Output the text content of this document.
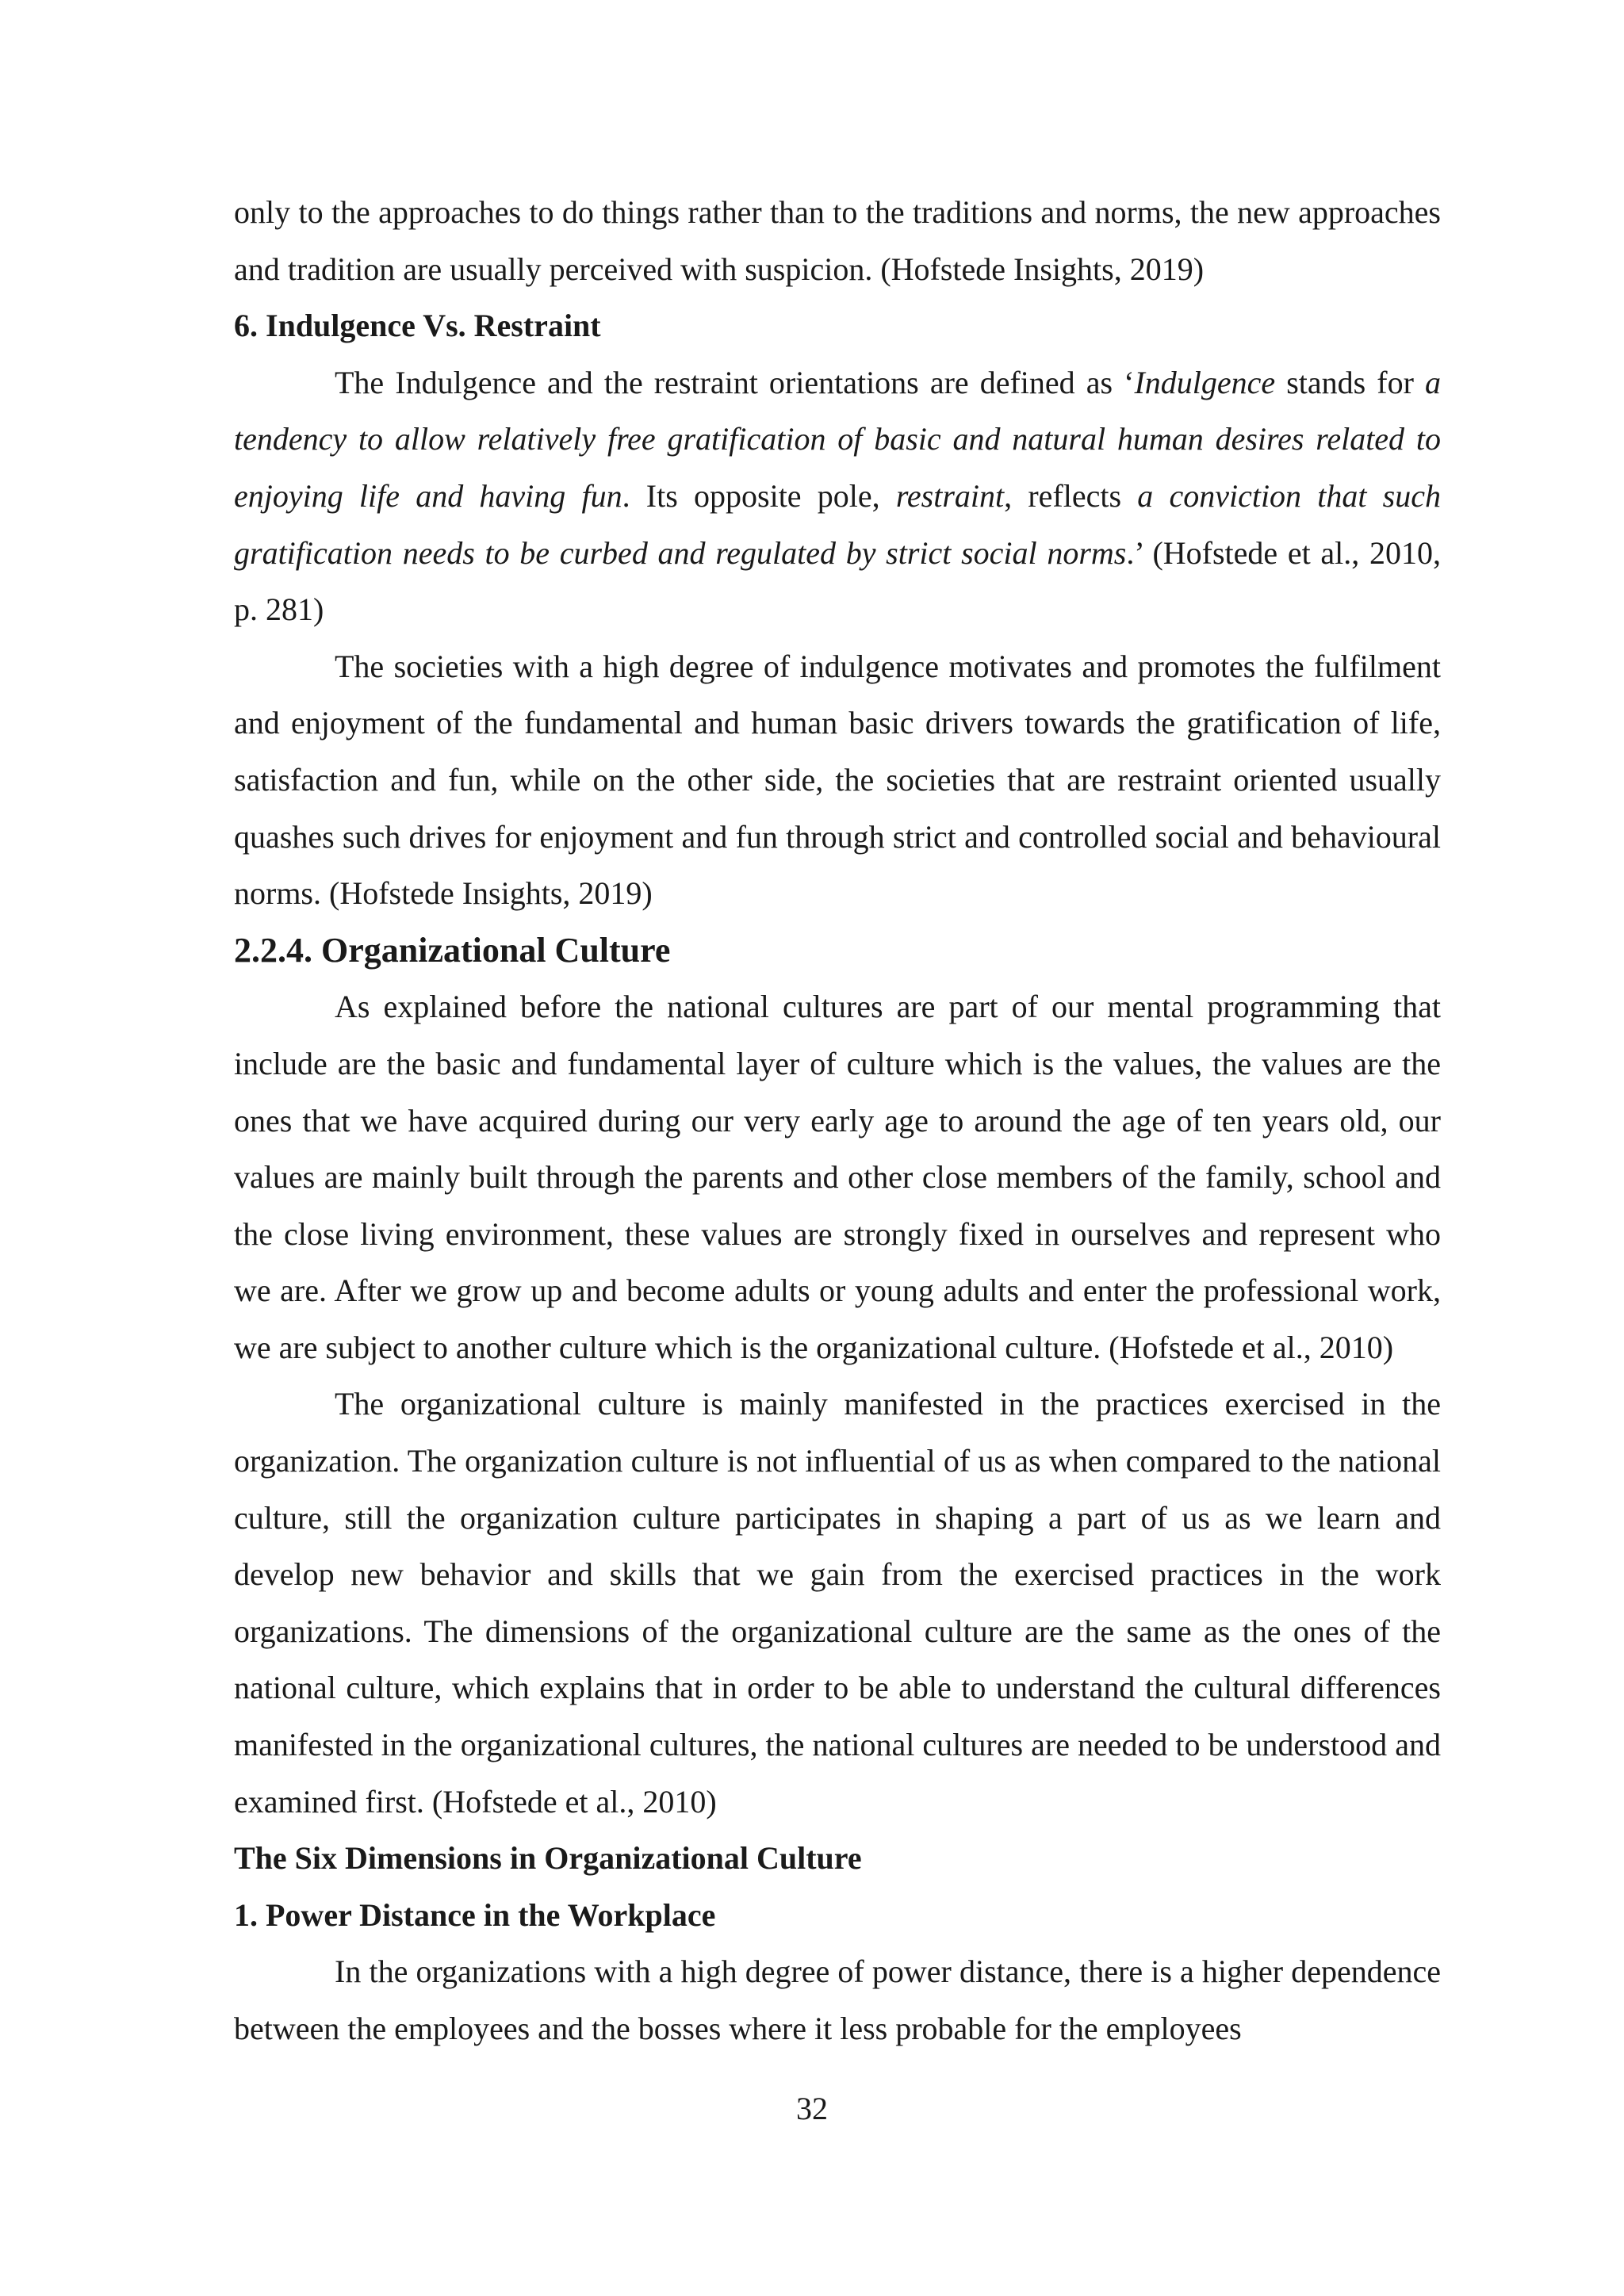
only to the approaches to do things rather than to the traditions and norms, the new approaches and tradition are usually perceived with suspicion. (Hofstede Insights, 2019)

6. Indulgence Vs. Restraint

The Indulgence and the restraint orientations are defined as ‘Indulgence stands for a tendency to allow relatively free gratification of basic and natural human desires related to enjoying life and having fun. Its opposite pole, restraint, reflects a conviction that such gratification needs to be curbed and regulated by strict social norms.’ (Hofstede et al., 2010, p. 281)

The societies with a high degree of indulgence motivates and promotes the fulfilment and enjoyment of the fundamental and human basic drivers towards the gratification of life, satisfaction and fun, while on the other side, the societies that are restraint oriented usually quashes such drives for enjoyment and fun through strict and controlled social and behavioural norms. (Hofstede Insights, 2019)

2.2.4. Organizational Culture

As explained before the national cultures are part of our mental programming that include are the basic and fundamental layer of culture which is the values, the values are the ones that we have acquired during our very early age to around the age of ten years old, our values are mainly built through the parents and other close members of the family, school and the close living environment, these values are strongly fixed in ourselves and represent who we are. After we grow up and become adults or young adults and enter the professional work, we are subject to another culture which is the organizational culture. (Hofstede et al., 2010)

The organizational culture is mainly manifested in the practices exercised in the organization. The organization culture is not influential of us as when compared to the national culture, still the organization culture participates in shaping a part of us as we learn and develop new behavior and skills that we gain from the exercised practices in the work organizations. The dimensions of the organizational culture are the same as the ones of the national culture, which explains that in order to be able to understand the cultural differences manifested in the organizational cultures, the national cultures are needed to be understood and examined first. (Hofstede et al., 2010)

The Six Dimensions in Organizational Culture
1. Power Distance in the Workplace

In the organizations with a high degree of power distance, there is a higher dependence between the employees and the bosses where it less probable for the employees

32
